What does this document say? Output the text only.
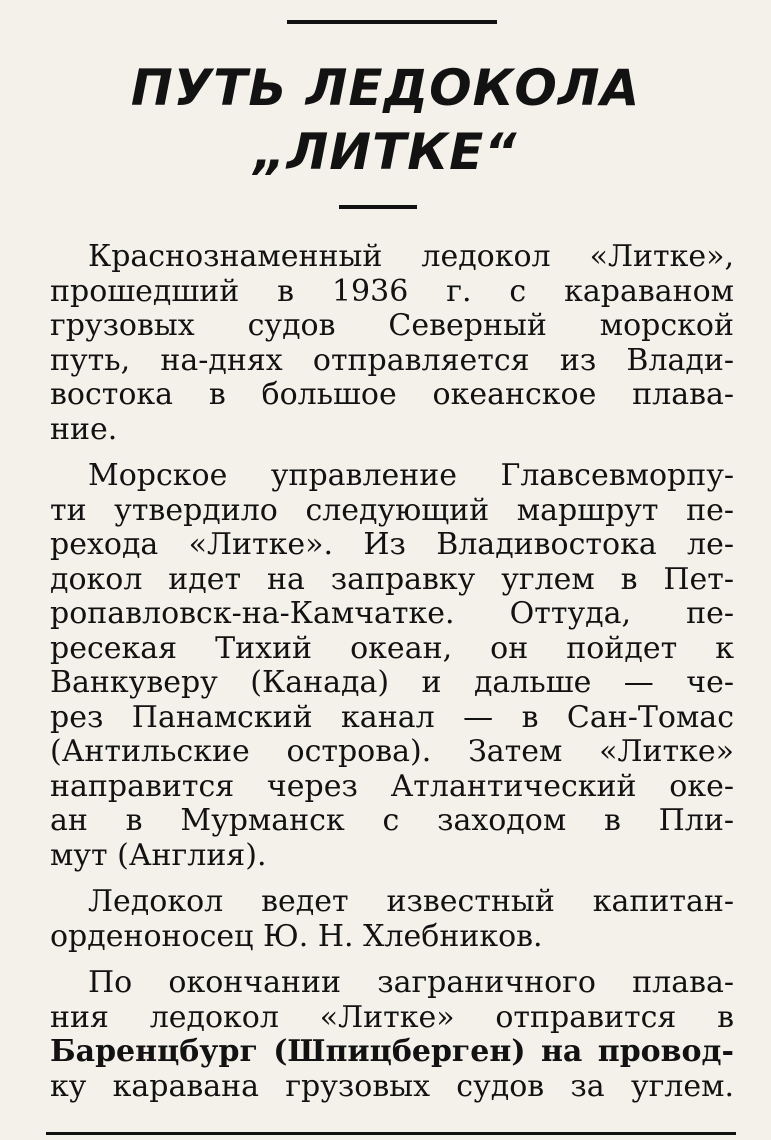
ПУТЬ ЛЕДОКОЛА
„ЛИТКЕ“

Краснознаменный ледокол «Литке»,
прошедший в 1936 г. с караваном
грузовых судов Северный морской
путь, на-днях отправляется из Влади-
востока в большое океанское плава-
ние.

Морское управление Главсевморпу-
ти утвердило следующий маршрут пе-
рехода «Литке». Из Владивостока ле-
докол идет на заправку углем в Пет-
ропавловск-на-Камчатке. Оттуда, пе-
ресекая Тихий океан, он пойдет к
Ванкуверу (Канада) и дальше — че-
рез Панамский канал — в Сан-Томас
(Антильские острова). Затем «Литке»
направится через Атлантический оке-
ан в Мурманск с заходом в Пли-
мут (Англия).

Ледокол ведет известный капитан-
орденоносец Ю. Н. Хлебников.

По окончании заграничного плава-
ния ледокол «Литке» отправится в
Баренцбург (Шпицберген) на провод-
ку каравана грузовых судов за углем.
